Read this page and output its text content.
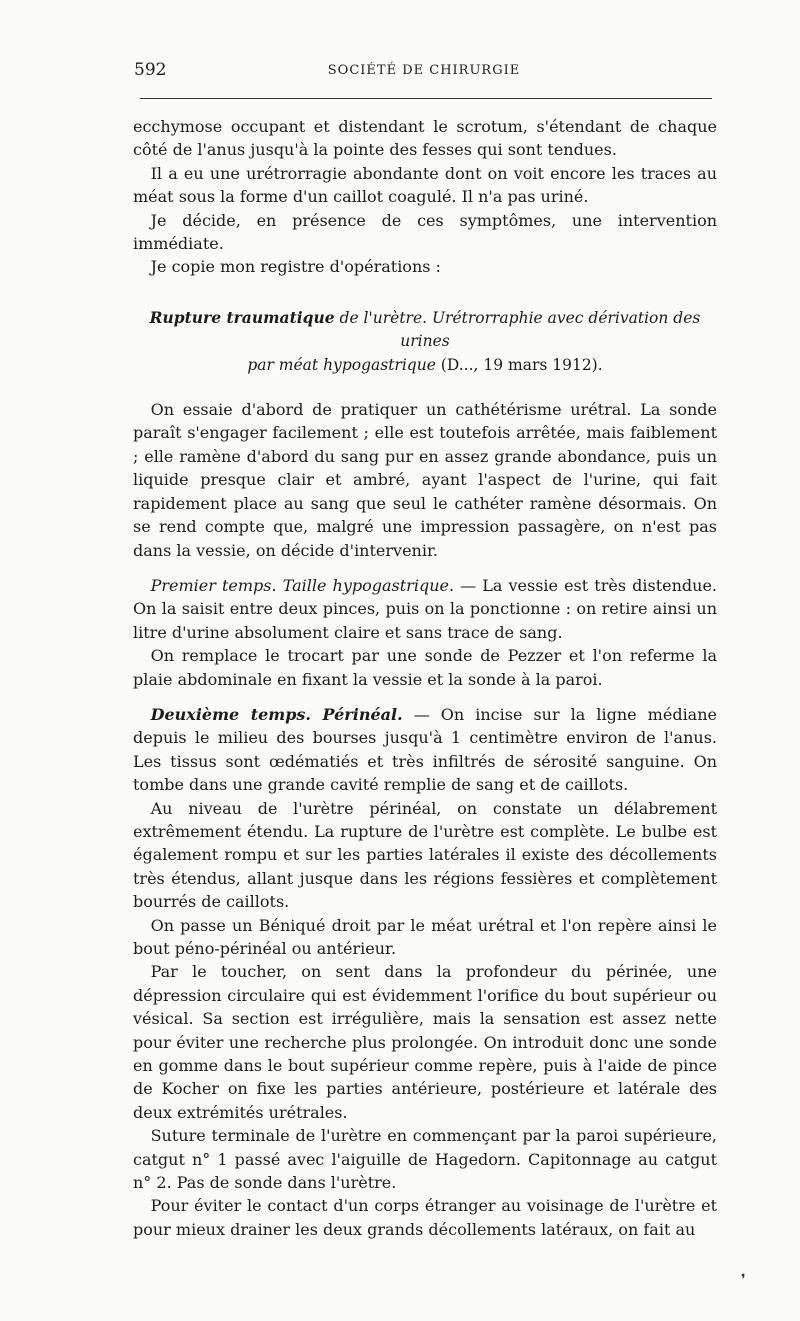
592	SOCIÉTÉ DE CHIRURGIE

ecchymose occupant et distendant le scrotum, s'étendant de chaque côté de l'anus jusqu'à la pointe des fesses qui sont tendues.

Il a eu une urétrorragie abondante dont on voit encore les traces au méat sous la forme d'un caillot coagulé. Il n'a pas uriné.

Je décide, en présence de ces symptômes, une intervention immédiate.

Je copie mon registre d'opérations :

Rupture traumatique de l'urètre. Urétrorraphie avec dérivation des urines
par méat hypogastrique (D..., 19 mars 1912).

On essaie d'abord de pratiquer un cathétérisme urétral. La sonde paraît s'engager facilement ; elle est toutefois arrêtée, mais faiblement ; elle ramène d'abord du sang pur en assez grande abondance, puis un liquide presque clair et ambré, ayant l'aspect de l'urine, qui fait rapidement place au sang que seul le cathéter ramène désormais. On se rend compte que, malgré une impression passagère, on n'est pas dans la vessie, on décide d'intervenir.

Premier temps. Taille hypogastrique. — La vessie est très distendue. On la saisit entre deux pinces, puis on la ponctionne : on retire ainsi un litre d'urine absolument claire et sans trace de sang.

On remplace le trocart par une sonde de Pezzer et l'on referme la plaie abdominale en fixant la vessie et la sonde à la paroi.

Deuxième temps. Périnéal. — On incise sur la ligne médiane depuis le milieu des bourses jusqu'à 1 centimètre environ de l'anus. Les tissus sont œdématiés et très infiltrés de sérosité sanguine. On tombe dans une grande cavité remplie de sang et de caillots.

Au niveau de l'urètre périnéal, on constate un délabrement extrêmement étendu. La rupture de l'urètre est complète. Le bulbe est également rompu et sur les parties latérales il existe des décollements très étendus, allant jusque dans les régions fessières et complètement bourrés de caillots.

On passe un Béniqué droit par le méat urétral et l'on repère ainsi le bout péno-périnéal ou antérieur.

Par le toucher, on sent dans la profondeur du périnée, une dépression circulaire qui est évidemment l'orifice du bout supérieur ou vésical. Sa section est irrégulière, mais la sensation est assez nette pour éviter une recherche plus prolongée. On introduit donc une sonde en gomme dans le bout supérieur comme repère, puis à l'aide de pince de Kocher on fixe les parties antérieure, postérieure et latérale des deux extrémités urétrales.

Suture terminale de l'urètre en commençant par la paroi supérieure, catgut n° 1 passé avec l'aiguille de Hagedorn. Capitonnage au catgut n° 2. Pas de sonde dans l'urètre.

Pour éviter le contact d'un corps étranger au voisinage de l'urètre et pour mieux drainer les deux grands décollements latéraux, on fait au

❜
